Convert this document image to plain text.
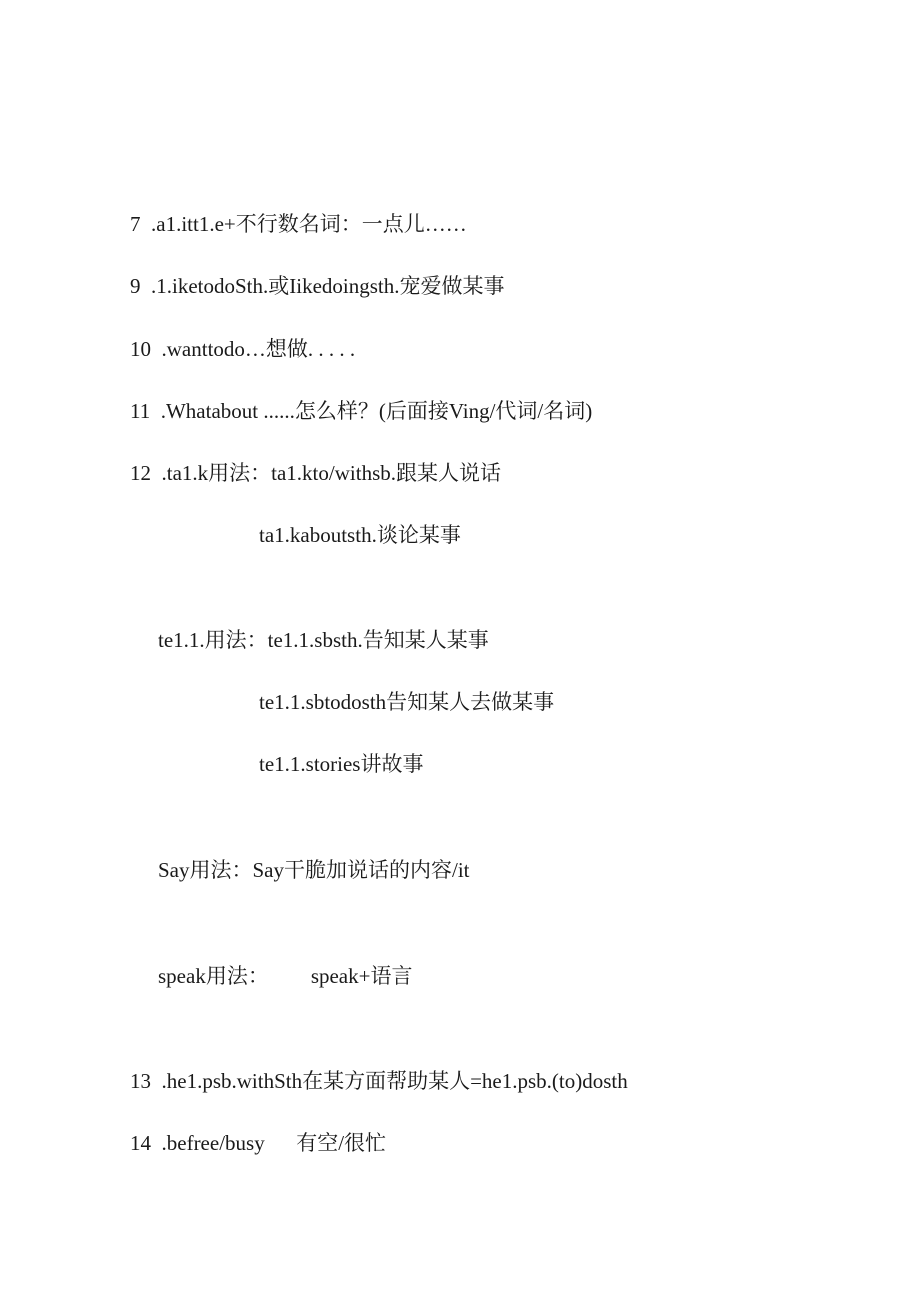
7  .a1.itt1.e+不行数名词：一点儿……
9  .1.iketodoSth.或Iikedoingsth.宠爱做某事
10  .wanttodo…想做. . . . .
11  .Whatabout ......怎么样？(后面接Ving/代词/名词)
12  .ta1.k用法：ta1.kto/withsb.跟某人说话
ta1.kaboutsth.谈论某事
te1.1.用法：te1.1.sbsth.告知某人某事
te1.1.sbtodosth告知某人去做某事
te1.1.stories讲故事
Say用法：Say干脆加说话的内容/it
speak用法：        speak+语言
13  .he1.psb.withSth在某方面帮助某人=he1.psb.(to)dosth
14  .befree/busy      有空/很忙
